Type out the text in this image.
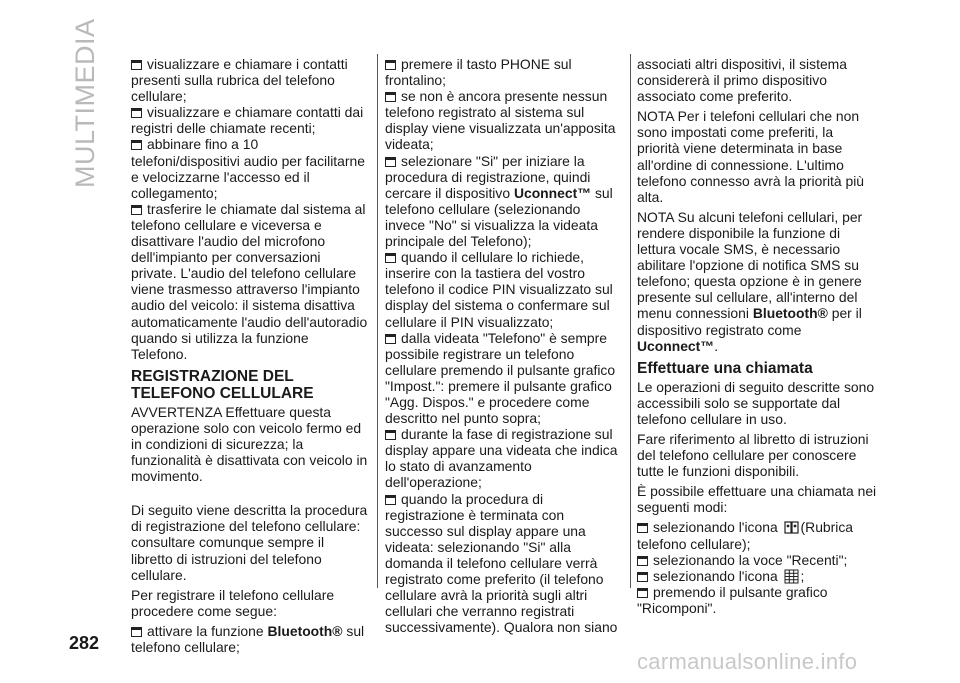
MULTIMEDIA	visualizzare e chiamare i contatti presenti sulla rubrica del telefono cellulare;

visualizzare e chiamare contatti dai registri delle chiamate recenti;

abbinare fino a 10 telefoni/dispositivi audio per facilitarne e velocizzarne l'accesso ed il collegamento;

trasferire le chiamate dal sistema al telefono cellulare e viceversa e disattivare l'audio del microfono dell'impianto per conversazioni private. L'audio del telefono cellulare viene trasmesso attraverso l'impianto audio del veicolo: il sistema disattiva automaticamente l'audio dell'autoradio quando si utilizza la funzione Telefono.

REGISTRAZIONE DEL TELEFONO CELLULARE

AVVERTENZA Effettuare questa operazione solo con veicolo fermo ed in condizioni di sicurezza; la funzionalità è disattivata con veicolo in movimento.

Di seguito viene descritta la procedura di registrazione del telefono cellulare: consultare comunque sempre il libretto di istruzioni del telefono cellulare.

Per registrare il telefono cellulare procedere come segue:

attivare la funzione Bluetooth® sul telefono cellulare;

premere il tasto PHONE sul frontalino;

se non è ancora presente nessun telefono registrato al sistema sul display viene visualizzata un'apposita videata;

selezionare "Si" per iniziare la procedura di registrazione, quindi cercare il dispositivo Uconnect™ sul telefono cellulare (selezionando invece "No" si visualizza la videata principale del Telefono);

quando il cellulare lo richiede, inserire con la tastiera del vostro telefono il codice PIN visualizzato sul display del sistema o confermare sul cellulare il PIN visualizzato;

dalla videata "Telefono" è sempre possibile registrare un telefono cellulare premendo il pulsante grafico "Impost.": premere il pulsante grafico "Agg. Dispos." e procedere come descritto nel punto sopra;

durante la fase di registrazione sul display appare una videata che indica lo stato di avanzamento dell'operazione;

quando la procedura di registrazione è terminata con successo sul display appare una videata: selezionando "Si" alla domanda il telefono cellulare verrà registrato come preferito (il telefono cellulare avrà la priorità sugli altri cellulari che verranno registrati successivamente). Qualora non siano

associati altri dispositivi, il sistema considererà il primo dispositivo associato come preferito.

NOTA Per i telefoni cellulari che non sono impostati come preferiti, la priorità viene determinata in base all'ordine di connessione. L'ultimo telefono connesso avrà la priorità più alta.

NOTA Su alcuni telefoni cellulari, per rendere disponibile la funzione di lettura vocale SMS, è necessario abilitare l'opzione di notifica SMS su telefono; questa opzione è in genere presente sul cellulare, all'interno del menu connessioni Bluetooth® per il dispositivo registrato come Uconnect™.

Effettuare una chiamata

Le operazioni di seguito descritte sono accessibili solo se supportate dal telefono cellulare in uso.

Fare riferimento al libretto di istruzioni del telefono cellulare per conoscere tutte le funzioni disponibili.

È possibile effettuare una chiamata nei seguenti modi:

selezionando l'icona (Rubrica telefono cellulare);

selezionando la voce "Recenti";

selezionando l'icona ;

premendo il pulsante grafico "Ricomponi".

282
carmanualsonline.info
